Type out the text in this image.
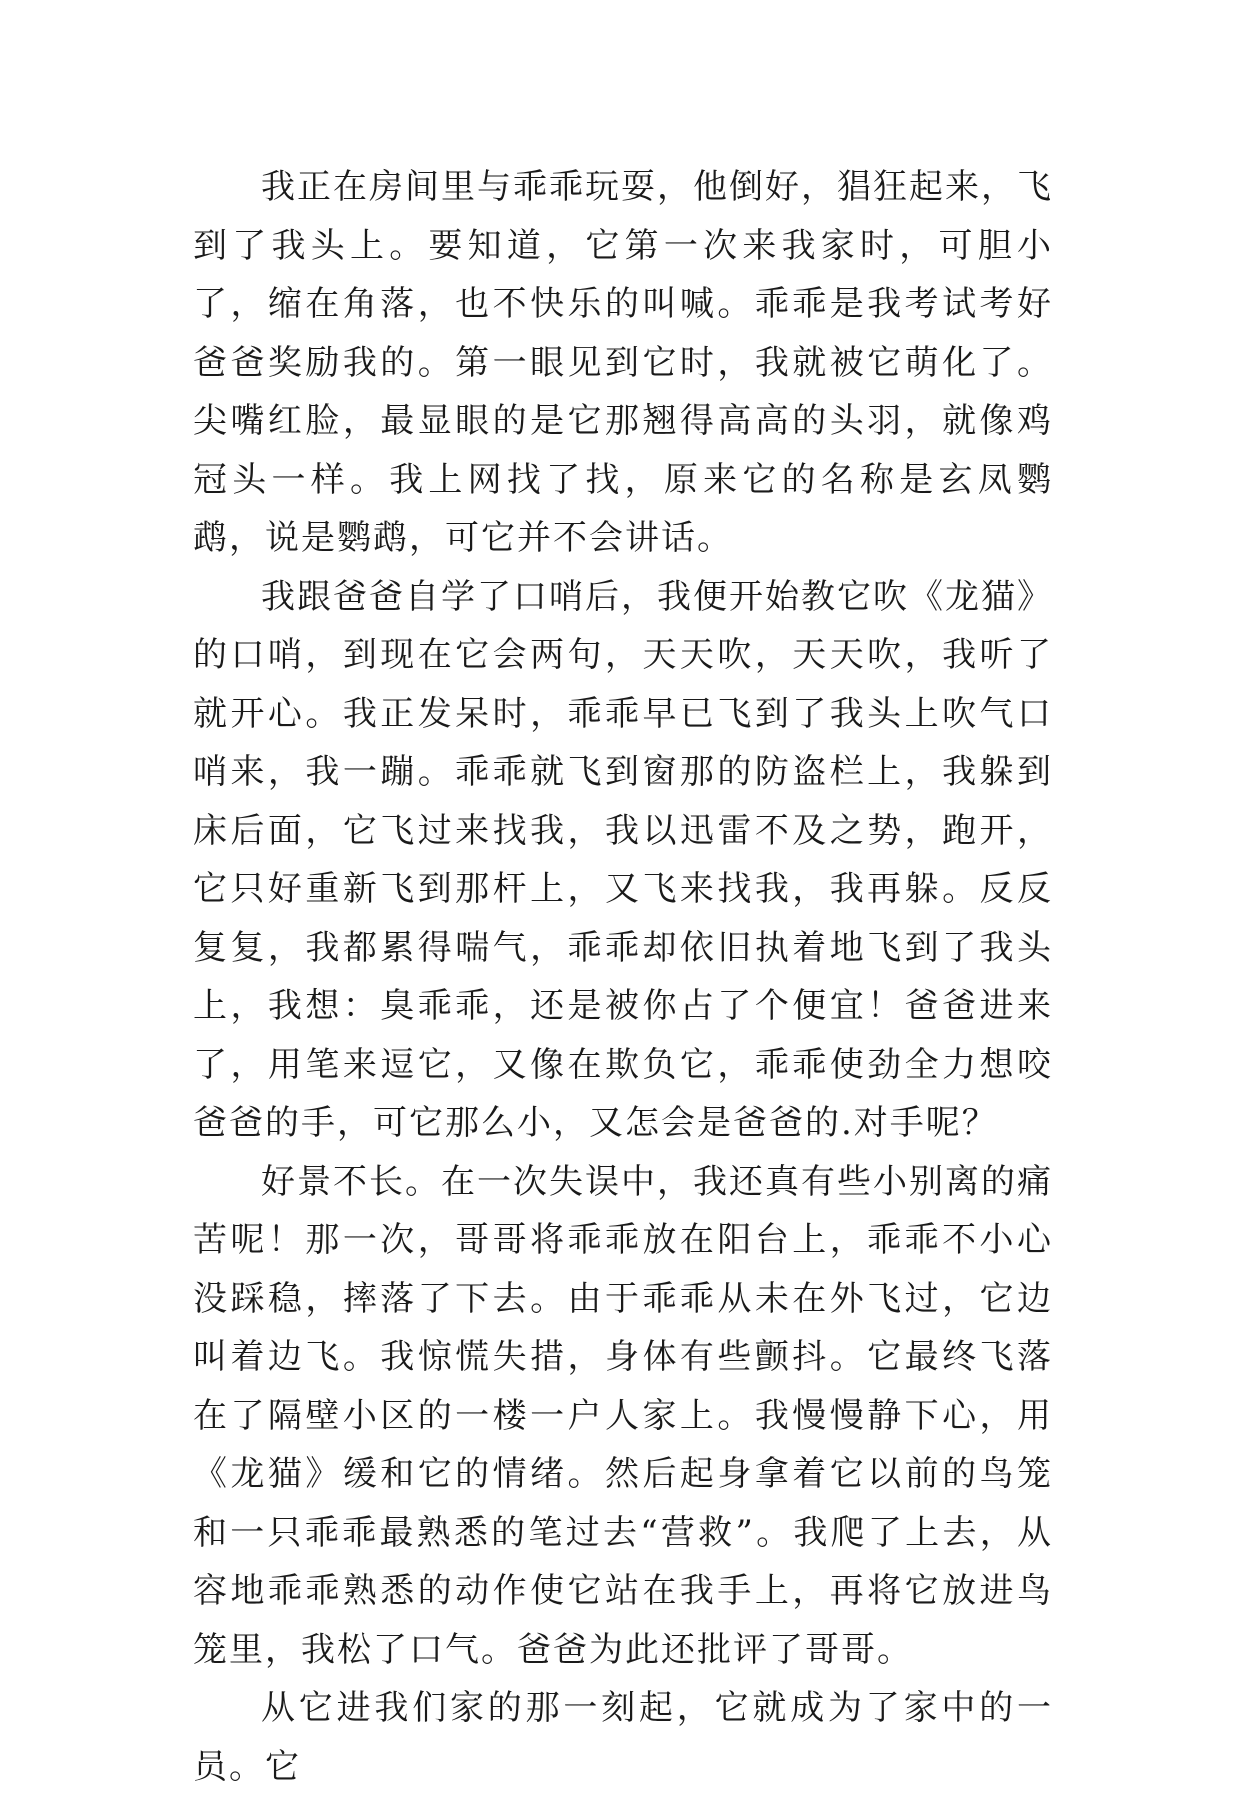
我正在房间里与乖乖玩耍，他倒好，猖狂起来，飞到了我头上。要知道，它第一次来我家时，可胆小了，缩在角落，也不快乐的叫喊。乖乖是我考试考好爸爸奖励我的。第一眼见到它时，我就被它萌化了。尖嘴红脸，最显眼的是它那翘得高高的头羽，就像鸡冠头一样。我上网找了找，原来它的名称是玄凤鹦鹉，说是鹦鹉，可它并不会讲话。

我跟爸爸自学了口哨后，我便开始教它吹《龙猫》的口哨，到现在它会两句，天天吹，天天吹，我听了就开心。我正发呆时，乖乖早已飞到了我头上吹气口哨来，我一蹦。乖乖就飞到窗那的防盗栏上，我躲到床后面，它飞过来找我，我以迅雷不及之势，跑开，它只好重新飞到那杆上，又飞来找我，我再躲。反反复复，我都累得喘气，乖乖却依旧执着地飞到了我头上，我想：臭乖乖，还是被你占了个便宜！爸爸进来了，用笔来逗它，又像在欺负它，乖乖使劲全力想咬爸爸的手，可它那么小，又怎会是爸爸的.对手呢？

好景不长。在一次失误中，我还真有些小别离的痛苦呢！那一次，哥哥将乖乖放在阳台上，乖乖不小心没踩稳，摔落了下去。由于乖乖从未在外飞过，它边叫着边飞。我惊慌失措，身体有些颤抖。它最终飞落在了隔壁小区的一楼一户人家上。我慢慢静下心，用《龙猫》缓和它的情绪。然后起身拿着它以前的鸟笼和一只乖乖最熟悉的笔过去“营救”。我爬了上去，从容地乖乖熟悉的动作使它站在我手上，再将它放进鸟笼里，我松了口气。爸爸为此还批评了哥哥。

从它进我们家的那一刻起，它就成为了家中的一员。它
